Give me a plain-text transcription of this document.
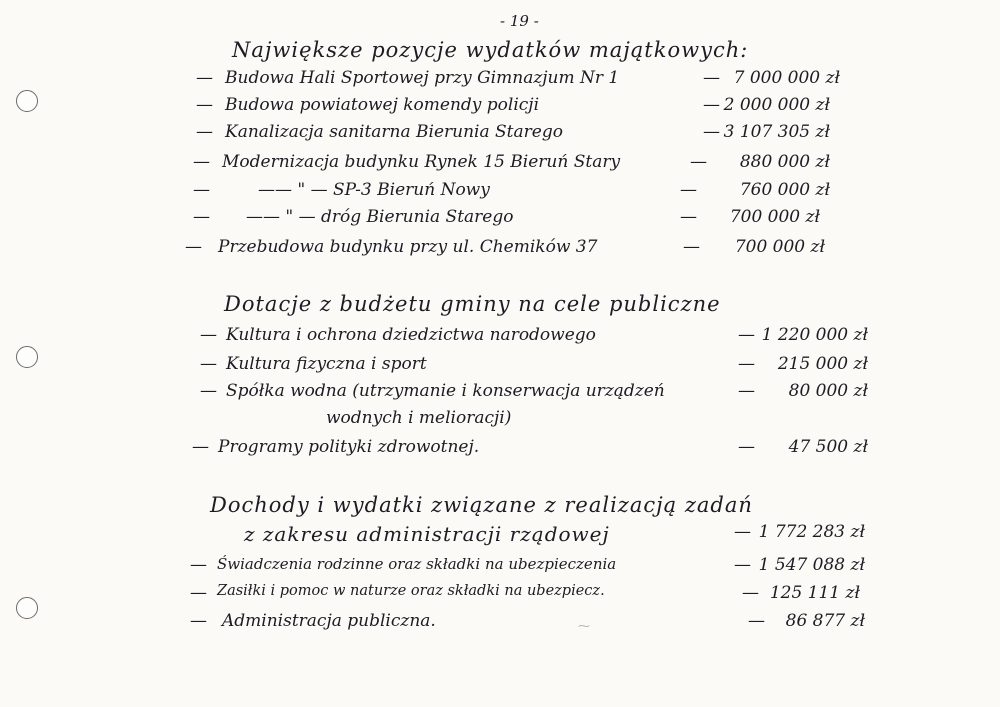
- 19 -
Największe pozycje wydatków majątkowych:
— Budowa Hali Sportowej przy Gimnazjum Nr 1	— 7 000 000 zł
— Budowa powiatowej komendy policji	— 2 000 000 zł
— Kanalizacja sanitarna Bierunia Starego	— 3 107 305 zł
— Modernizacja budynku Rynek 15 Bieruń Stary	—	880 000 zł
—	—— " — SP-3 Bieruń Nowy	—	760 000 zł
— —— " — dróg Bierunia Starego	—	700 000 zł
— Przebudowa budynku przy ul. Chemików 37	—	700 000 zł
Dotacje z budżetu gminy na cele publiczne
— Kultura i ochrona dziedzictwa narodowego	— 1 220 000 zł
— Kultura fizyczna i sport	—	215 000 zł
— Spółka wodna (utrzymanie i konserwacja urządzeń	—	80 000 zł
wodnych i melioracji)
— Programy polityki zdrowotnej.	—	47 500 zł
Dochody i wydatki związane z realizacją zadań
z zakresu administracji rządowej	— 1 772 283 zł
— Świadczenia rodzinne oraz składki na ubezpieczenia	— 1 547 088 zł
— Zasiłki i pomoc w naturze oraz składki na ubezpiecz.	— 125 111 zł
— Administracja publiczna.	—	86 877 zł
⁓
